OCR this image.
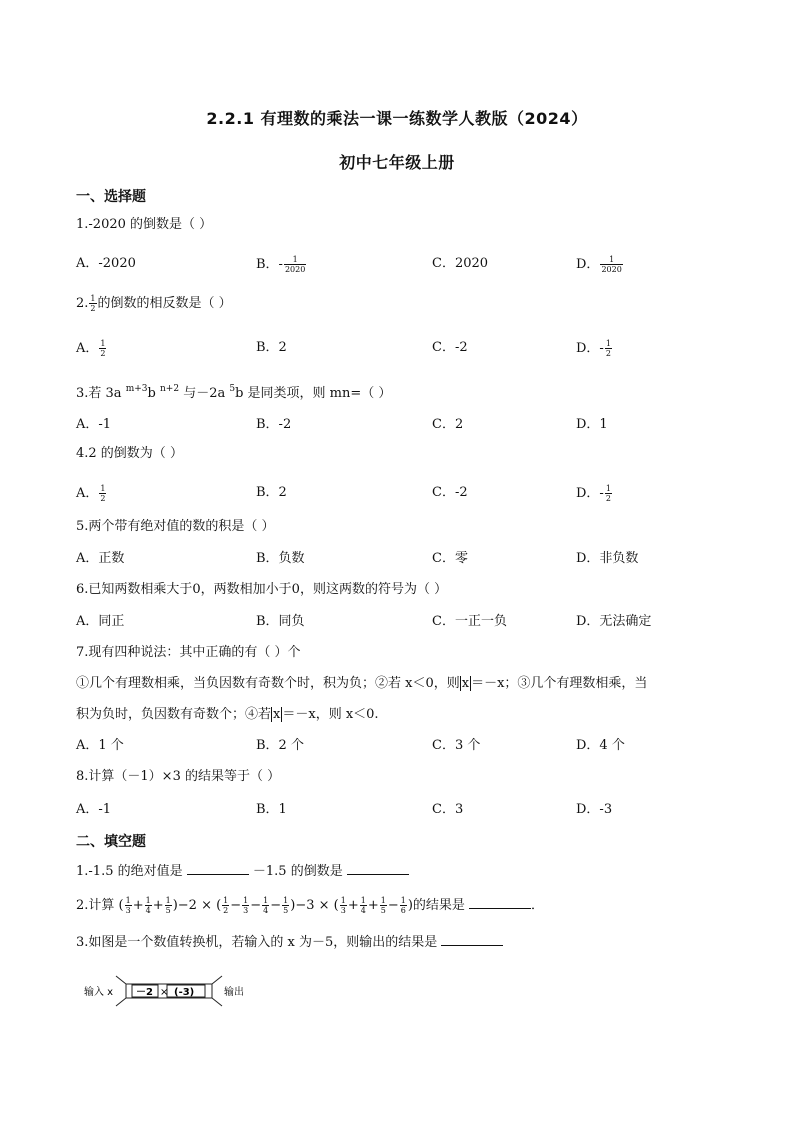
2.2.1 有理数的乘法一课一练数学人教版（2024）
初中七年级上册
一、选择题
1.-2020 的倒数是（ ）
A．-2020	B．- $\frac{1}{2020}$	C．2020	D． $\frac{1}{2020}$
2. $\frac{1}{2}$ 的倒数的相反数是（ ）
A． $\frac{1}{2}$	B．2	C．-2	D．- $\frac{1}{2}$
3.若 3a $^{m+3}$b $^{n+2}$ 与－2a $^5$b 是同类项，则 mn=（ ）
A．-1	B．-2	C．2	D．1
4.2 的倒数为（ ）
A． $\frac{1}{2}$	B．2	C．-2	D．- $\frac{1}{2}$
5.两个带有绝对值的数的积是（ ）
A．正数	B．负数	C．零	D．非负数
6.已知两数相乘大于0，两数相加小于0，则这两数的符号为（ ）
A．同正	B．同负	C．一正一负	D．无法确定
7.现有四种说法：其中正确的有（ ）个
①几个有理数相乘，当负因数有奇数个时，积为负；②若 x＜0，则 x ＝－x；③几个有理数相乘，当
积为负时，负因数有奇数个；④若 x ＝－x，则 x＜0.
A．1 个	B．2 个	C．3 个	D．4 个
8.计算（－1）×3 的结果等于（ ）
A．-1	B．1	C．3	D．-3
二、填空题
1.-1.5 的绝对值是	－1.5 的倒数是
2.计算 ( $\frac{1}{3} + \frac{1}{4} + \frac{1}{5} )-2$ × ( $\frac{1}{2} - \frac{1}{3} - \frac{1}{4} - \frac{1}{5} )-3$ × ( $\frac{1}{3} + \frac{1}{4} + \frac{1}{5} - \frac{1}{6}$ )的结果是	．
3.如图是一个数值转换机，若输入的 x 为－5，则输出的结果是
输入 x －2 × (-3)	输出
